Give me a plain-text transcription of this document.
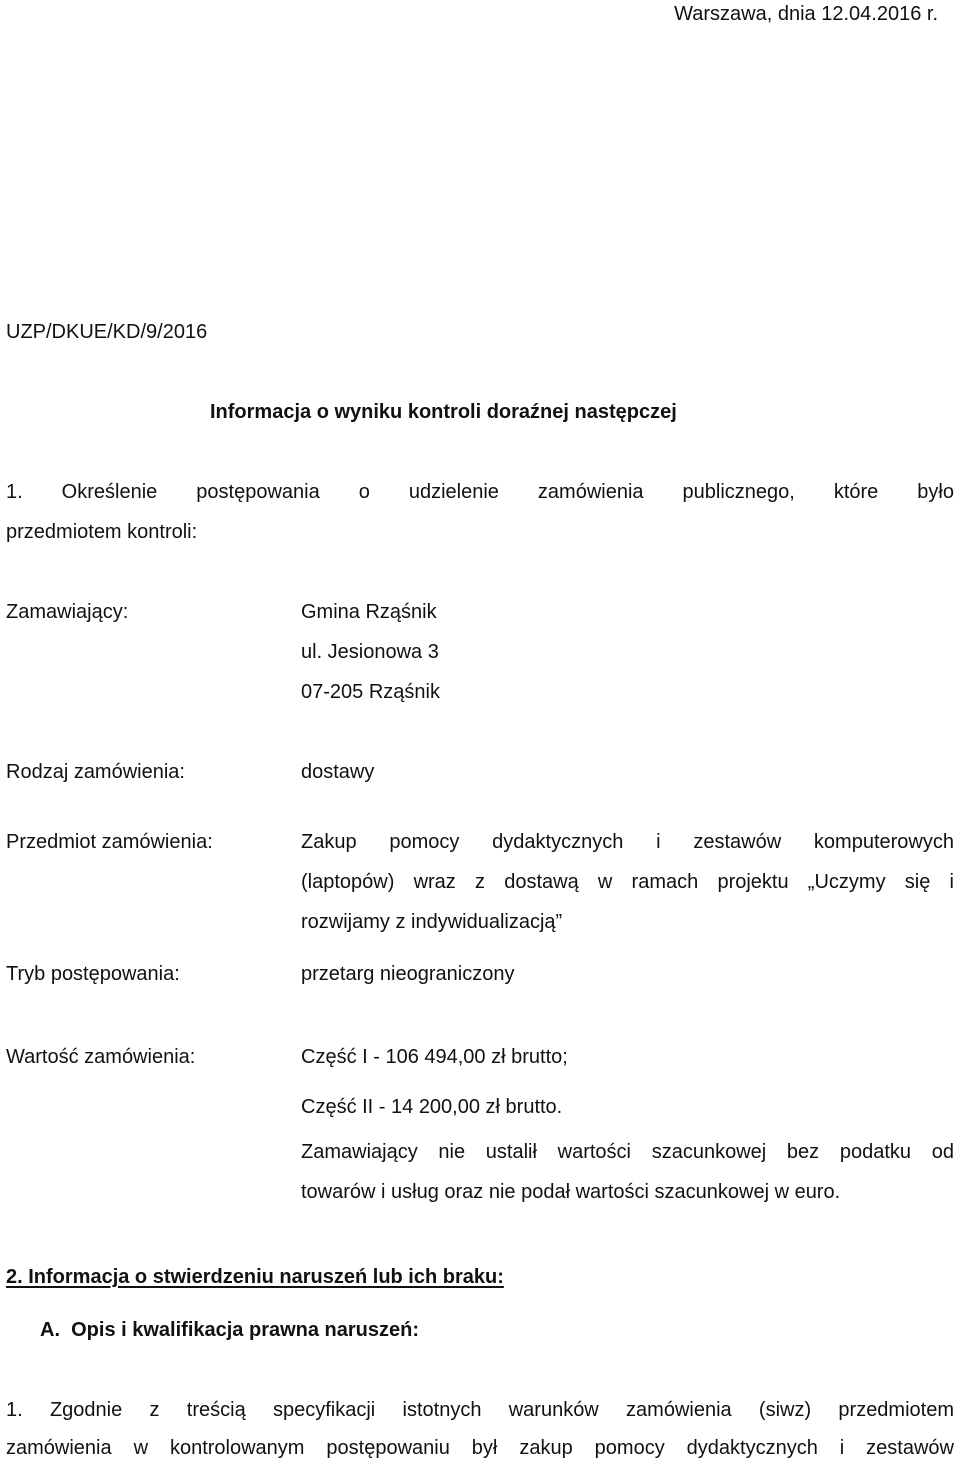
Warszawa, dnia 12.04.2016 r.
UZP/DKUE/KD/9/2016
Informacja o wyniku kontroli doraźnej następczej
1. Określenie postępowania o udzielenie zamówienia publicznego, które było
przedmiotem kontroli:
Zamawiający:	Gmina Rząśnik
ul. Jesionowa 3
07-205 Rząśnik
Rodzaj zamówienia:	dostawy
Przedmiot zamówienia:	Zakup pomocy dydaktycznych i zestawów komputerowych
(laptopów) wraz z dostawą w ramach projektu „Uczymy się i
rozwijamy z indywidualizacją”
Tryb postępowania:	przetarg nieograniczony
Wartość zamówienia:	Część I - 106 494,00 zł brutto;
Część II - 14 200,00 zł brutto.
Zamawiający nie ustalił wartości szacunkowej bez podatku od
towarów i usług oraz nie podał wartości szacunkowej w euro.
2. Informacja o stwierdzeniu naruszeń lub ich braku:
A.  Opis i kwalifikacja prawna naruszeń:
1. Zgodnie z treścią specyfikacji istotnych warunków zamówienia (siwz) przedmiotem
zamówienia w kontrolowanym postępowaniu był zakup pomocy dydaktycznych i zestawów
